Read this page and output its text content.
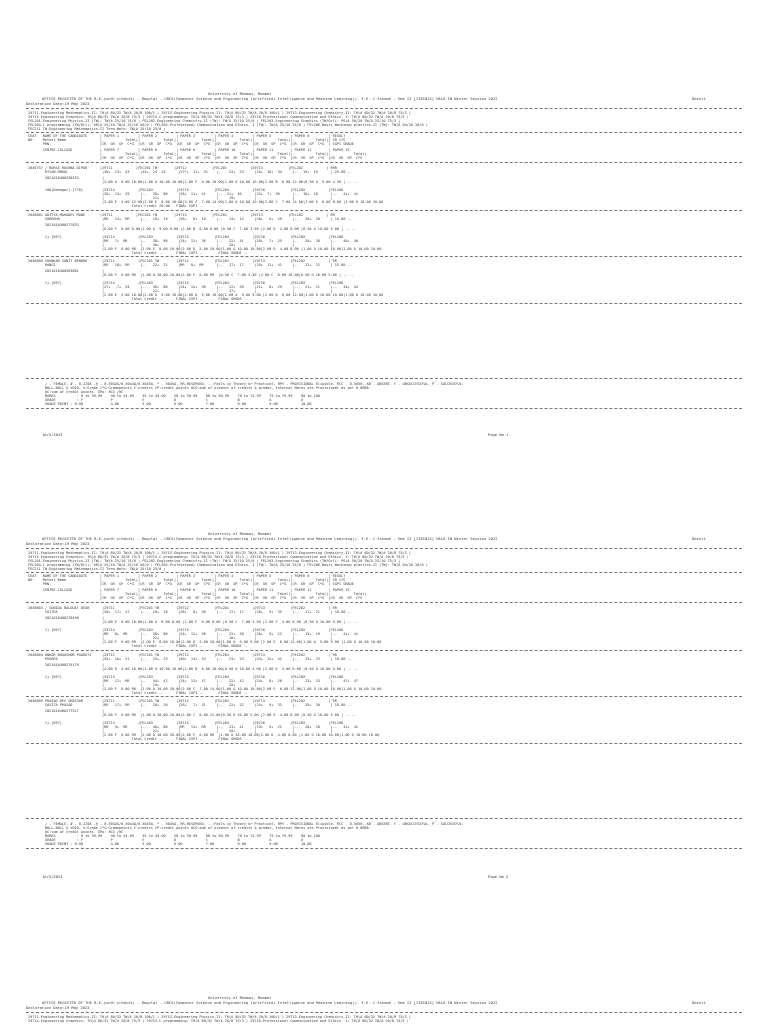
University of Mumbai, Mumbai
OFFICE REGISTER OF THE B.E.(with credits) - Regular - CBCS(Computer Science and Engineering (Artificial Intelligence and Machine Learning))- F.E. C-Scheme - Sem II [1T01832] HELD IN Winter Session 2022	Result
Declaration Date:19 May 2023
29711-Engineering Mathematics-II: TH(A 80/32 TW/A 20/8 100/1 ) 29712-Engineering Physics-II: TH(A 80/32 TW/A 20/8 100/1 ) 29713-Engineering Chemistry-II: TH(A 80/32 TW/A 20/8 75/3 )
29714-Engineering Graphics: TH(A 80/32 TW/A 20/8 75/3 ) 29715-C programming: TH(A 80/32 TW/A 20/8 75/3 ) 29716-Professional Communication and Ethics- I: TH(A 80/32 TW/A 20/8 75/3 )
FEL201-Engineering Physics-II (TW): TW(A 25/10 25/0 ) FEL202-Engineering Chemistry-II (TW): TW(A 25/10 25/0 ) FEL203-Engineering Graphics (TW/Orl): PO(A 50/20 TW/A 25/10 75/3 )
FEL204-C programming (TW/Orl): OR(A 25/10 TW/A 25/10 50/0 ) FEL205-Professional Communication and Ethics- I (TW): TW(A 25/10 25/0 ) FEL206-Basic Workshop practice-II (TW): TW(A 50/20 50/0 )
FEC211 TW-Engineering Mathematics-II Term Work: TW(A 25/10 25/0 )
SEAT   NAME OF THE CANDIDATE      | PAPER 1         | PAPER 2         | PAPER 3         | PAPER 4         | PAPER 5         | PAPER 6         | RESULT
NO.    Mother Name                |           Total||           Total||           Total||           Total||           Total||           Total|| CR C*G
PRN.                       |CR  GR  GP  C*G  |CR  GR  GP  C*G  |CR  GR  GP  C*G  |CR  GR  GP  C*G  |CR  GR  GP  C*G  |CR  GR  GP  C*G  | SGPI GRADE
CENTRE-COLLEGE             | PAPER 7         | PAPER 8         | PAPER 9         | PAPER 10        | PAPER 11        | PAPER 12        | PAPER 13
|           Total||           Total||           Total||           Total||           Total||           Total||           Total|
|CR  GR  GP  C*G  |CR  GR  GP  C*G  |CR  GR  GP  C*G  |CR  GR  GP  C*G  |CR  GR  GP  C*G  |CR  GR  GP  C*G  |CR  GR  GP  C*G
2046757 / BORSE RUSHNA DIPAK      |29711           |FEC201 TW        |29712            |FEL201           |29713            |FEL202           | RRR
RIYAN MUKUL                |30+  13+  43     |25+  24  24      |27*+  11+  31    |--   23+  23     |24+  10+  34     |--  19+  19      | 25.00 --
2021016400296333           |
|4.00 A  0.00 16.00|1.00 O 10.00 10.00|2.00 E  9.00 18.00|1.00 O 10.00 10.00|2.00 B  6.00 12.00|0.50 A  9.00 4.50 | -- --
100(Dahagar)-[778]         |29714           |FEL203           |29715            |FEL204           |29716            |FEL205           |FEL206
|26+  13+  39     |--   38+  86     |28+  11+  41     |--  21+  40      |23+  7+  30      |--  18+  18      |--   41+  41
|                 |     21+         |                 |     19+         |                 |                 |
|3.00 E  4.00 12.00|2.00 E  8.00 16.00|3.00 C  7.00 14.00|1.00 O 10.00 10.00|2.00 C  7.00 14.00|1.00 E  8.00 8.00 |1.00 O 10.00 10.00
Total Credit 20.00   FINAL CGPI --
2046801 ADITYA MAHADEV MANE       |29711           |FEC201 TW        |29712            |FEL201           |29713            |FEL202           | RR
SUREKHA                    |RR   13+  RR     |--   19+  19     |26+   8+  18     |--   14+  14     |20+   9+  29     |--   20+  20     | 15.00 --
2021016400277833           |
|0.00 F  0.00 0.00|1.00 A  9.00 9.00 |2.00 B  6.00 8.00 |0.50 C  7.00 3.50 |2.00 D  4.00 8.00 |0.50 O 10.00 5.00 | -- --
1)-[857]                   |29714           |FEL203           |29715            |FEL204           |29716            |FEL205           |FEL206
|RR   7+  RR      |--   38+  86     |24+  12+  36     |--   22+  41     |18+   7+  25     |--   20+  20     |--   40+  40
|                 |     48+         |                 |     20+         |                 |                 |
|2.00 F  0.00 RR  |2.00 E  8.00 16.00|2.00 D  5.00 10.00|1.00 O 10.00 10.00|2.00 D  4.00 8.00 |1.00 O 10.00 10.00|1.00 O 10.00 10.00
Total Credit --      FINAL CGPI --       FINAL GRADE --
2046805 SHANKAR SUNIT BENDRE       |29711           |FEC201 TW        |29712            |FEL201           |29713            |FEL202           | RR
RANGI                      |RR   18+  RR     |--   22+  22     |RR   8+  RR      |--   17+  17     |29+  12+  41     |--   22+  22     | 15.00 --
2021016400263881           |
|0.00 F  0.00 RR  |1.00 O 10.00 10.00|2.00 F  0.00 RR  |0.50 C  7.00 3.50 |2.00 C  8.00 16.00|0.50 O 10.00 5.00 | -- --
1)-[857]                   |29714           |FEL203           |29715            |FEL204           |29716            |FEL205           |FEL206
|27+   7+  34     |--   38+  86     |24+  12+  36     |--   22+  39     |21+   8+  29     |--   21+  21     |--   44+  44
|                 |     22+         |                 |     17+         |                 |                 |
|2.00 E  5.00 10.00|2.00 A  9.00 18.00|2.00 D  5.00 10.00|1.00 A  9.00 9.00 |2.00 D  6.00 12.00|1.00 O 10.00 10.00|1.00 O 10.00 10.00
Total Credit --      FINAL CGPI --       FINAL GRADE --
/ - FEMALE, # - 0.229A ,@ - 0.5042A/0.5044A/0.5045A, * - 5045A, RR-RESERVED, --:Fails in Theory or Practical, RPV - PROVISIONAL Eligible, RCC - 0.5050, AB - ABSENT, F - UNSUCCESSFUL, P - SUCCESSFUL;
NULL-NULL & VOID, G:Grade C*G:Gradepoints C:credits CP:credit points äCG:sum of product of credits & grades, Internal Marks are Provisional as per R.8668
äC:sum of credit points  GPA: äCG /äC
MARKS          : 0 to 39.99    40 to 44.99    45 to 49.99    50 to 59.99    60 to 69.99    70 to 74.99    75 to 79.99    80 to 100
GRADE          : F             P              E              D              C              B              A              O
GRADE POINT : 0.00             4.00           5.00           6.00           7.00           8.00           9.00           10.00
16/5/2023	Page No.1
University of Mumbai, Mumbai
OFFICE REGISTER OF THE B.E.(with credits) - Regular - CBCS(Computer Science and Engineering (Artificial Intelligence and Machine Learning))- F.E. C-Scheme - Sem II [1T01832] HELD IN Winter Session 2022	Result
Declaration Date:19 May 2023
29711-Engineering Mathematics-II: TH(A 80/32 TW/A 20/8 100/1 ) 29712-Engineering Physics-II: TH(A 80/32 TW/A 20/8 100/1 ) 29713-Engineering Chemistry-II: TH(A 80/32 TW/A 20/8 75/3 )
29714-Engineering Graphics: TH(A 80/32 TW/A 20/8 75/3 ) 29715-C programming: TH(A 80/32 TW/A 20/8 75/3 ) 29716-Professional Communication and Ethics- I: TH(A 80/32 TW/A 20/8 75/3 )
FEL201-Engineering Physics-II (TW): TW(A 25/10 25/0 ) FEL202-Engineering Chemistry-II (TW): TW(A 25/10 25/0 ) FEL203-Engineering Graphics (TW/Orl): PO(A 50/20 TW/A 25/10 75/3 )
FEL204-C programming (TW/Orl): OR(A 25/10 TW/A 25/10 50/0 ) FEL205-Professional Communication and Ethics- I (TW): TW(A 25/10 25/0 ) FEL206-Basic Workshop practice-II (TW): TW(A 50/20 50/0 )
FEC211 TW-Engineering Mathematics-II Term Work: TW(A 25/10 25/0 )
SEAT   NAME OF THE CANDIDATE      | PAPER 1         | PAPER 2         | PAPER 3         | PAPER 4         | PAPER 5         | PAPER 6         | RESULT
NO.    Mother Name                |           Total||           Total||           Total||           Total||           Total||           Total|| CR C*G
PRN.                       |CR  GR  GP  C*G  |CR  GR  GP  C*G  |CR  GR  GP  C*G  |CR  GR  GP  C*G  |CR  GR  GP  C*G  |CR  GR  GP  C*G  | SGPI GRADE
CENTRE-COLLEGE             | PAPER 7         | PAPER 8         | PAPER 9         | PAPER 10        | PAPER 11        | PAPER 12        | PAPER 13
|           Total||           Total||           Total||           Total||           Total||           Total||           Total|
|CR  GR  GP  C*G  |CR  GR  GP  C*G  |CR  GR  GP  C*G  |CR  GR  GP  C*G  |CR  GR  GP  C*G  |CR  GR  GP  C*G  |CR  GR  GP  C*G
2046803 / SUNIDA BALOUAT DEAB      |29711           |FEC201 TW        |29712            |FEL201           |29713            |FEL202           | RR
CHITRA                     |30+  17+  47     |--   18+  18     |28+   8+  36     |--   17+  17     |26+   9+  35     |--   21+  21     | 18.00 --
2021016400278496           |
|4.00 E  0.00 16.00|1.00 A  8.00 8.00 |2.00 F  0.00 0.00 |0.50 C  7.00 3.50 |2.00 F  4.00 8.00 |0.50 O 10.00 5.00 | -- --
1)-[857]                   |29714           |FEL203           |29715            |FEL204           |29716            |FEL205           |FEL206
|RR   8+  RR      |--   38+  86     |24+  12+  36     |--   22+  38     |26+   9+  22     |--   19+  19     |--   41+  41
|                 |     22+         |                 |     16+         |                 |                 |
|2.00 F  0.00 RR  |2.00 E  8.00 16.00|2.00 D  5.00 10.00|1.00 A  9.00 9.00 |2.00 E  6.00 12.00|1.00 A  9.00 9.00 |1.00 O 10.00 10.00
Total Credit --      FINAL CGPI --       FINAL GRADE --
2046804 ONKAR BHAUSHOB PAARATI     |29711           |FEC201 TW        |29712            |FEL201           |29713            |FEL202           | RR
PUSHPA                     |35+  16+  51     |--   23+  23     |40+  13+  53     |--   23+  23     |23+  12+  42     |--   23+  23     | 18.00 --
2021016400279179           |
|4.00 D  4.00 16.00|1.00 O 10.00 10.00|2.00 B  8.00 16.00|0.50 O 10.00 5.00 |2.00 D  4.00 8.00 |0.50 O 10.00 5.00 | -- --
1)-[857]                   |29714           |FEL203           |29715            |FEL204           |29716            |FEL205           |FEL206
|RR   12+  RR     |--   44+  42     |24+  13+  47     |--   22+  42     |24+   8+  28     |--   23+  23     |--   47+  47
|                 |     19+         |                 |     20+         |                 |                 |
|2.00 F  0.00 RR  |2.00 O 10.00 20.00|2.00 C  7.00 14.00|1.00 O 10.00 10.00|2.00 E  6.00 12.00|1.00 O 10.00 10.00|1.00 O 10.00 10.00
Total Credit --      FINAL CGPI --       FINAL GRADE --
2046805 PRASAD DEV GHATGAR         |29711           |FEC201 TW        |29712            |FEL201           |29713            |FEL202           | RR
SAVITA PRASAD              |RR   17+  RR     |--   20+  20     |26+   7+  31     |--   22+  22     |24+   9+  33     |--   20+  20     | 18.00 --
2021016400277527           |
|0.00 F  0.00 RR  |1.00 O 10.00 10.00|2.00 C  6.00 12.00|0.50 O 10.00 5.00 |2.00 E  4.00 8.00 |0.50 O 10.00 5.00 | -- --
1)-[857]                   |29714           |FEL203           |29715            |FEL204           |29716            |FEL205           |FEL206
|RR   9+  RR      |--   40+  86     |RR   13+  RR     |--   23+  41     |19+   9+  22     |--   20+  20     |--   42+  42
|                 |     22+         |                 |     20+         |                 |                 |
|2.00 F  0.00 RR  |2.00 O 10.00 20.00|2.00 F  0.00 RR  |1.00 O 10.00 10.00|2.00 D  4.00 8.00 |1.00 O 10.00 10.00|1.00 O 10.00 10.00
Total Credit --      FINAL CGPI --       FINAL GRADE --
/ - FEMALE, # - 0.229A ,@ - 0.5042A/0.5044A/0.5045A, * - 5045A, RR-RESERVED, --:Fails in Theory or Practical, RPV - PROVISIONAL Eligible, RCC - 0.5050, AB - ABSENT, F - UNSUCCESSFUL, P - SUCCESSFUL;
NULL-NULL & VOID, G:Grade C*G:Gradepoints C:credits CP:credit points äCG:sum of product of credits & grades, Internal Marks are Provisional as per R.8668
äC:sum of credit points  GPA: äCG /äC
MARKS          : 0 to 39.99    40 to 44.99    45 to 49.99    50 to 59.99    60 to 69.99    70 to 74.99    75 to 79.99    80 to 100
GRADE          : F             P              E              D              C              B              A              O
GRADE POINT : 0.00             4.00           5.00           6.00           7.00           8.00           9.00           10.00
16/5/2023	Page No.2
University of Mumbai, Mumbai
OFFICE REGISTER OF THE B.E.(with credits) - Regular - CBCS(Computer Science and Engineering (Artificial Intelligence and Machine Learning))- F.E. C-Scheme - Sem II [1T01832] HELD IN Winter Session 2022	Result
Declaration Date:19 May 2023
29711-Engineering Mathematics-II: TH(A 80/32 TW/A 20/8 100/1 ) 29712-Engineering Physics-II: TH(A 80/32 TW/A 20/8 100/1 ) 29713-Engineering Chemistry-II: TH(A 80/32 TW/A 20/8 75/3 )
29714-Engineering Graphics: TH(A 80/32 TW/A 20/8 75/3 ) 29715-C programming: TH(A 80/32 TW/A 20/8 75/3 ) 29716-Professional Communication and Ethics- I: TH(A 80/32 TW/A 20/8 75/3 )
